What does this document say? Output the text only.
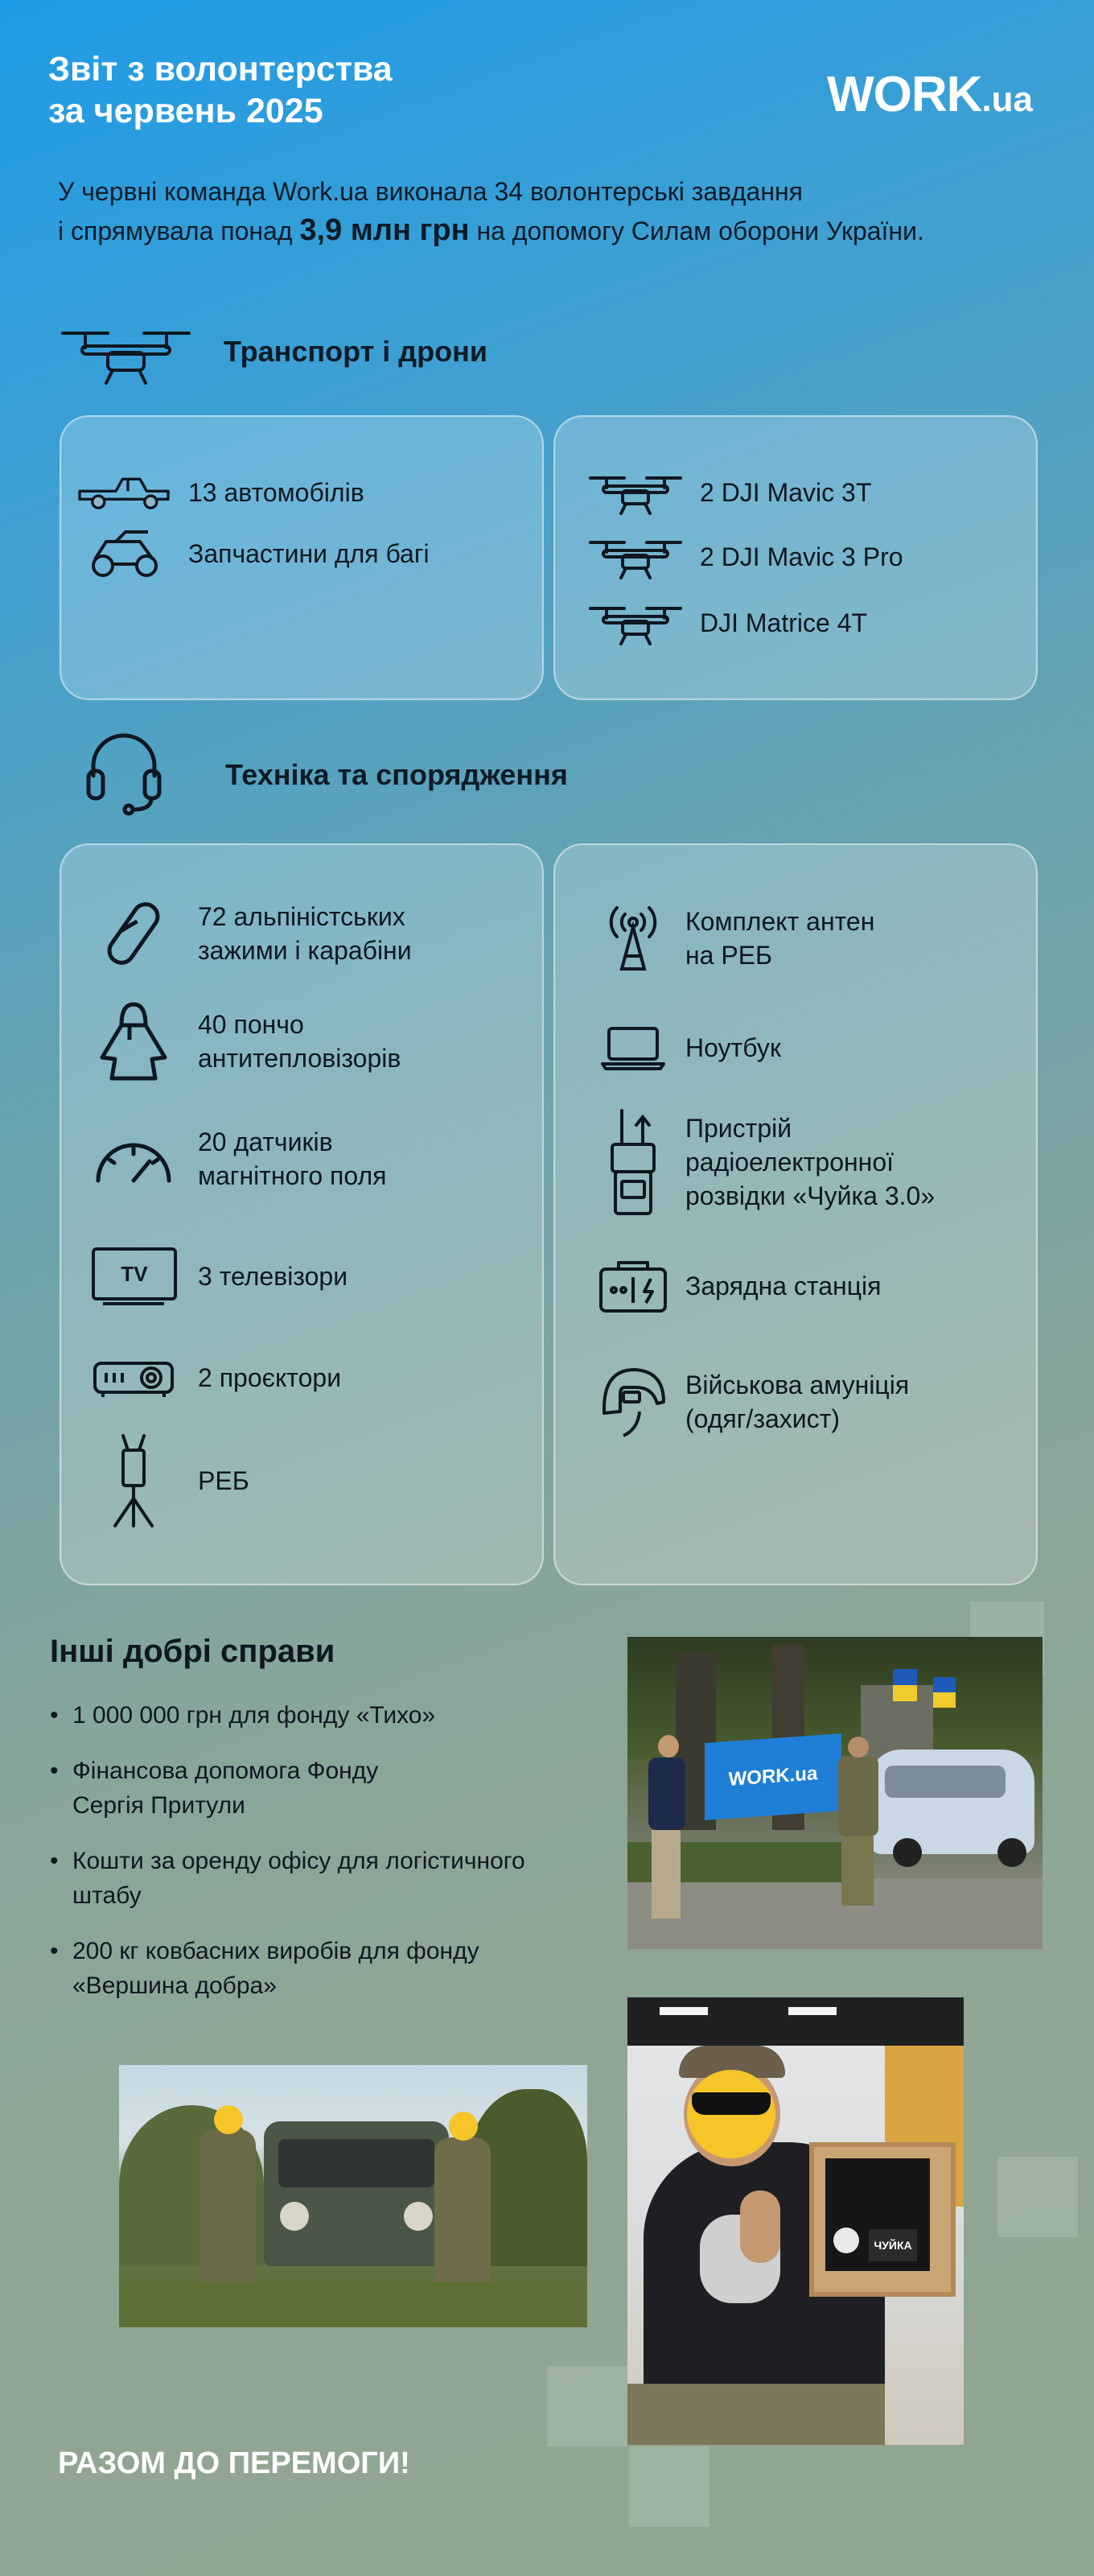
Звіт з волонтерства
за червень 2025	WORK.ua
У червні команда Work.ua виконала 34 волонтерські завдання
і спрямувала понад 3,9 млн грн на допомогу Силам оборони України.
Транспорт і дрони
13 автомобілів
Запчастини для багі
2 DJI Mavic 3T
2 DJI Mavic 3 Pro
DJI Matrice 4T
Техніка та спорядження
72 альпіністських
зажими і карабіни
40 пончо
антитепловізорів
20 датчиків
магнітного поля
TV	3 телевізори
2 проєктори
РЕБ
Комплект антен
на РЕБ
Ноутбук
Пристрій
радіоелектронної
розвідки «Чуйка 3.0»
Зарядна станція
Військова амуніція
(одяг/захист)
Інші добрі справи
• 1 000 000 грн для фонду «Тихо»
• Фінансова допомога Фонду
Сергія Притули
• Кошти за оренду офісу для логістичного
штабу
• 200 кг ковбасних виробів для фонду
«Вершина добра»
WORK.ua
ЧУЙКА
РАЗОМ ДО ПЕРЕМОГИ!
